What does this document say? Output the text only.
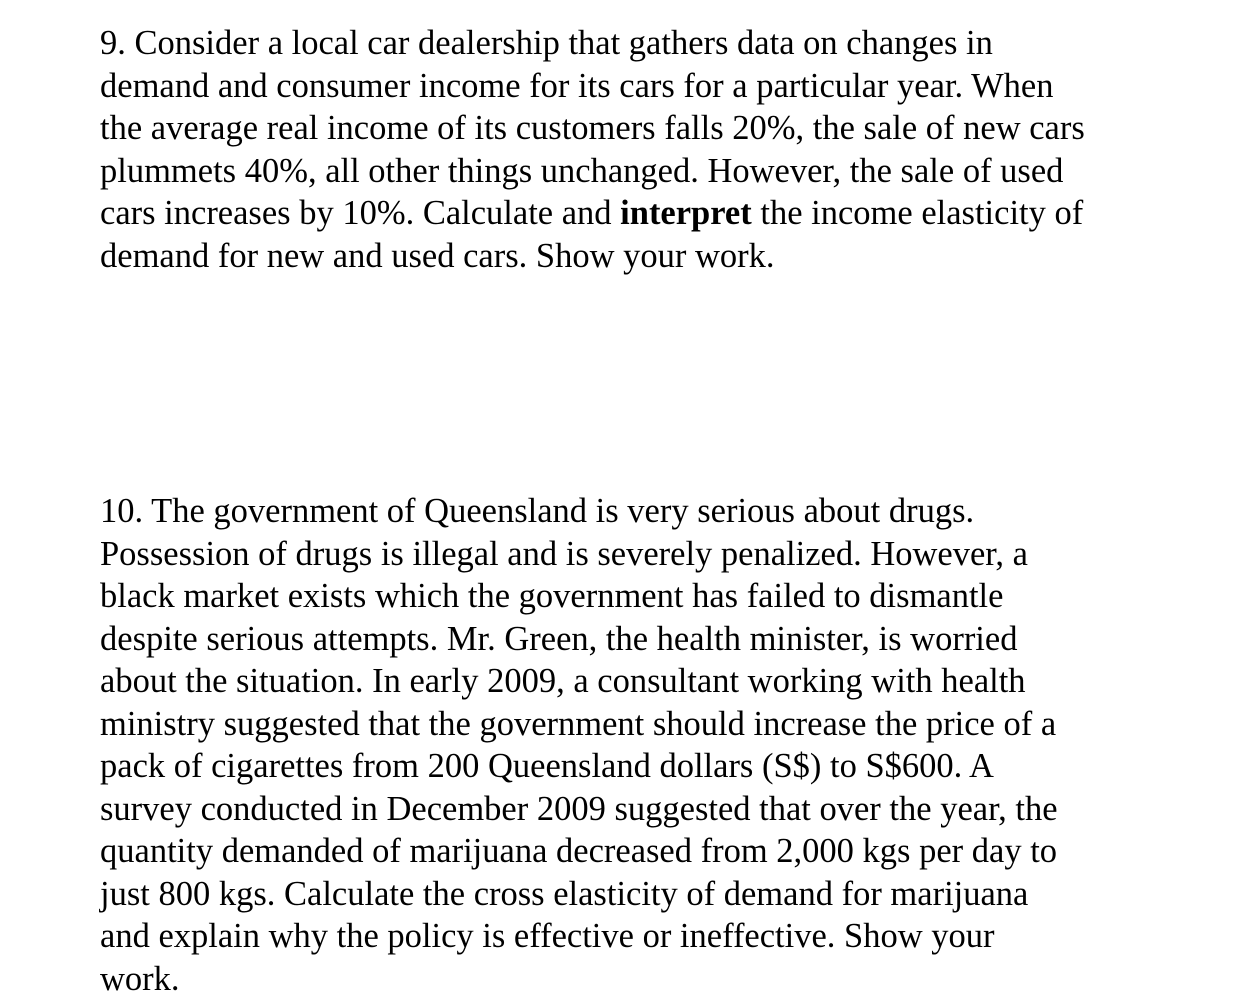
9. Consider a local car dealership that gathers data on changes in
demand and consumer income for its cars for a particular year. When
the average real income of its customers falls 20%, the sale of new cars
plummets 40%, all other things unchanged. However, the sale of used
cars increases by 10%. Calculate and interpret the income elasticity of
demand for new and used cars. Show your work.
10. The government of Queensland is very serious about drugs.
Possession of drugs is illegal and is severely penalized. However, a
black market exists which the government has failed to dismantle
despite serious attempts. Mr. Green, the health minister, is worried
about the situation. In early 2009, a consultant working with health
ministry suggested that the government should increase the price of a
pack of cigarettes from 200 Queensland dollars (S$) to S$600. A
survey conducted in December 2009 suggested that over the year, the
quantity demanded of marijuana decreased from 2,000 kgs per day to
just 800 kgs. Calculate the cross elasticity of demand for marijuana
and explain why the policy is effective or ineffective. Show your
work.
